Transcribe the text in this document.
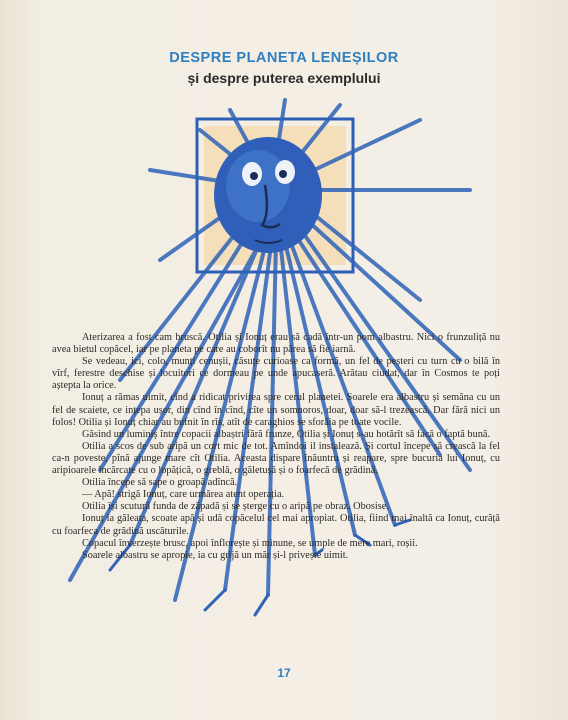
DESPRE PLANETA LENEȘILOR
și despre puterea exemplului

Aterizarea a fost cam bruscă. Otilia și Ionuț erau să cadă într-un pom albastru. Nici o frunzuliță nu avea bietul copăcel, iar pe planeta pe care au coborît nu părea să fie iarnă.

Se vedeau, ici, colo, munți cenușii, căsuțe curioase ca formă, un fel de peșteri cu turn cu o bilă în vîrf, ferestre deschise și locuitori ce dormeau pe unde apucaseră. Arătau ciudat, dar în Cosmos te poți aștepta la orice.

Ionuț a rămas uimit, cînd a ridicat privirea spre cerul planetei. Soarele era albastru și semăna cu un fel de scaiete, ce ințepa ușor, din cînd în cînd, cîte un somnoros, doar, doar să-l trezească. Dar fără nici un folos! Otilia și Ionuț chiar au bufnit în rîs, atît de caraghios se sforăia pe toate vocile.

Găsind un luminiș între copacii albaștri fără frunze, Otilia și Ionuț s-au hotărît să facă o faptă bună.

Otilia a scos de sub aripă un cort mic de tot. Amîndoi il instalează. Și cortul începe să crească la fel ca-n poveste, pînă ajunge mare cît Otilia. Aceasta dispare înăuntru și reapare, spre bucuria lui Ionuț, cu aripioarele încărcate cu o lopățică, o greblă, o găletușă și o foarfecă de grădină.

Otilia începe să sape o groapă adîncă.

— Apă! strigă Ionuț, care urmărea atent operația.

Otilia își scutură funda de zăpadă și se șterge cu o aripă pe obraz. Obosise.

Ionuț ia găleata, scoate apă și udă copăcelul cel mai apropiat. Otilia, fiind mai înaltă ca Ionuț, curăță cu foarfeca de grădină uscăturile.

Copacul înverzește brusc, apoi înflorește și minune, se umple de mere mari, roșii.

Soarele albastru se apropie, ia cu grijă un măr și-l privește uimit.

17
